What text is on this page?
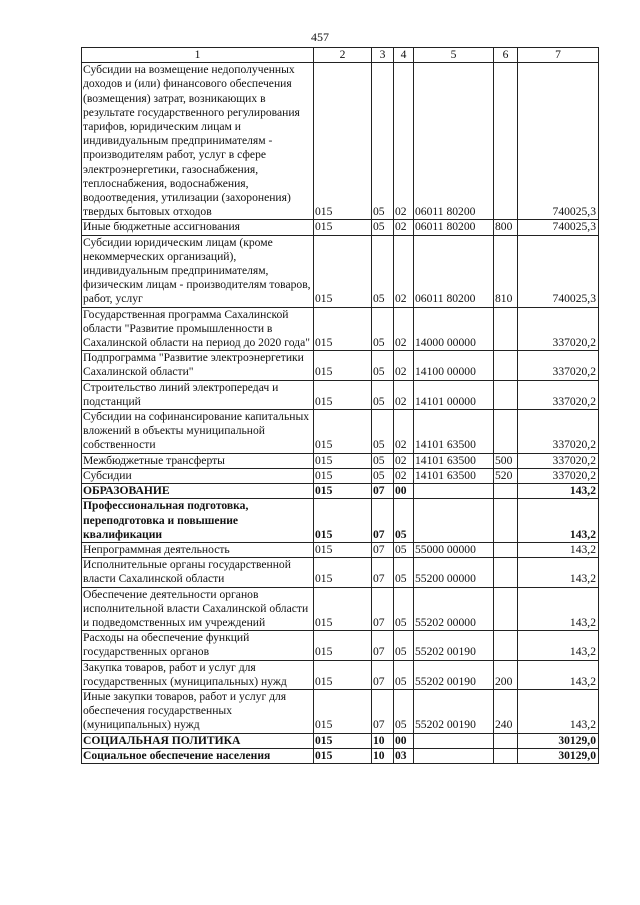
457
1	2	3	4	5	6	7
Субсидии на возмещение недополученных доходов и (или) финансового обеспечения (возмещения) затрат, возникающих в результате государственного регулирования тарифов, юридическим лицам и индивидуальным предпринимателям - производителям работ, услуг в сфере электроэнергетики, газоснабжения, теплоснабжения, водоснабжения, водоотведения, утилизации (захоронения) твердых бытовых отходов	015	05	02	06011 80200		740025,3
Иные бюджетные ассигнования	015	05	02	06011 80200	800	740025,3
Субсидии юридическим лицам (кроме некоммерческих организаций), индивидуальным предпринимателям, физическим лицам - производителям товаров, работ, услуг	015	05	02	06011 80200	810	740025,3
Государственная программа Сахалинской области "Развитие промышленности в Сахалинской области на период до 2020 года"	015	05	02	14000 00000		337020,2
Подпрограмма "Развитие электроэнергетики Сахалинской области"	015	05	02	14100 00000		337020,2
Строительство линий электропередач и подстанций	015	05	02	14101 00000		337020,2
Субсидии на софинансирование капитальных вложений в объекты муниципальной собственности	015	05	02	14101 63500		337020,2
Межбюджетные трансферты	015	05	02	14101 63500	500	337020,2
Субсидии	015	05	02	14101 63500	520	337020,2
ОБРАЗОВАНИЕ	015	07	00			143,2
Профессиональная подготовка, переподготовка и повышение квалификации	015	07	05			143,2
Непрограммная деятельность	015	07	05	55000 00000		143,2
Исполнительные органы государственной власти Сахалинской области	015	07	05	55200 00000		143,2
Обеспечение деятельности органов исполнительной власти Сахалинской области и подведомственных им учреждений	015	07	05	55202 00000		143,2
Расходы на обеспечение функций государственных органов	015	07	05	55202 00190		143,2
Закупка товаров, работ и услуг для государственных (муниципальных) нужд	015	07	05	55202 00190	200	143,2
Иные закупки товаров, работ и услуг для обеспечения государственных (муниципальных) нужд	015	07	05	55202 00190	240	143,2
СОЦИАЛЬНАЯ ПОЛИТИКА	015	10	00			30129,0
Социальное обеспечение населения	015	10	03			30129,0
